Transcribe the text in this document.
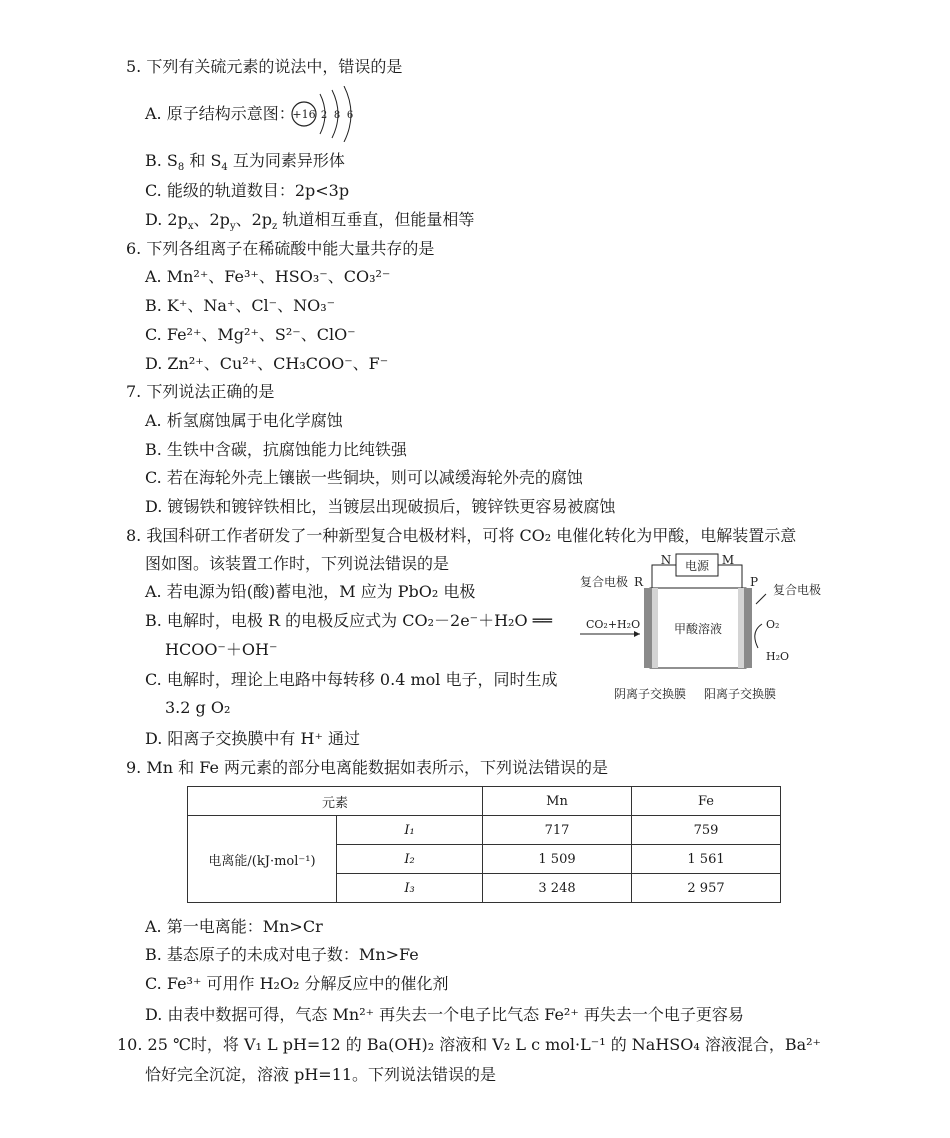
5. 下列有关硫元素的说法中，错误的是
A. 原子结构示意图：
+16 2 8 6
B. $S_8$ 和 $S_4$ 互为同素异形体
C. 能级的轨道数目：2p<3p
D. $2p_x$、$2p_y$、$2p_z$ 轨道相互垂直，但能量相等
6. 下列各组离子在稀硫酸中能大量共存的是
A. Mn²⁺、Fe³⁺、HSO₃⁻、CO₃²⁻
B. K⁺、Na⁺、Cl⁻、NO₃⁻
C. Fe²⁺、Mg²⁺、S²⁻、ClO⁻
D. Zn²⁺、Cu²⁺、CH₃COO⁻、F⁻
7. 下列说法正确的是
A. 析氢腐蚀属于电化学腐蚀
B. 生铁中含碳，抗腐蚀能力比纯铁强
C. 若在海轮外壳上镶嵌一些铜块，则可以减缓海轮外壳的腐蚀
D. 镀锡铁和镀锌铁相比，当镀层出现破损后，镀锌铁更容易被腐蚀
8. 我国科研工作者研发了一种新型复合电极材料，可将 CO₂ 电催化转化为甲酸，电解装置示意
图如图。该装置工作时，下列说法错误的是
A. 若电源为铅(酸)蓄电池，M 应为 PbO₂ 电极
B. 电解时，电极 R 的电极反应式为 CO₂－2e⁻＋H₂O ══
HCOO⁻＋OH⁻
C. 电解时，理论上电路中每转移 0.4 mol 电子，同时生成
3.2 g O₂
D. 阳离子交换膜中有 H⁺ 通过
电源
N	M
甲酸溶液
复合电极 R	P
复合电极
CO₂+H₂O	O₂
H₂O
阴离子交换膜 阳离子交换膜
9. Mn 和 Fe 两元素的部分电离能数据如表所示，下列说法错误的是
元素		Mn	Fe
电离能/(kJ·mol⁻¹)	I₁	717	759
	I₂	1 509	1 561
	I₃	3 248	2 957
A. 第一电离能：Mn>Cr
B. 基态原子的未成对电子数：Mn>Fe
C. Fe³⁺ 可用作 H₂O₂ 分解反应中的催化剂
D. 由表中数据可得，气态 Mn²⁺ 再失去一个电子比气态 Fe²⁺ 再失去一个电子更容易
10. 25 ℃时，将 V₁ L pH=12 的 Ba(OH)₂ 溶液和 V₂ L c mol·L⁻¹ 的 NaHSO₄ 溶液混合，Ba²⁺
恰好完全沉淀，溶液 pH=11。下列说法错误的是
